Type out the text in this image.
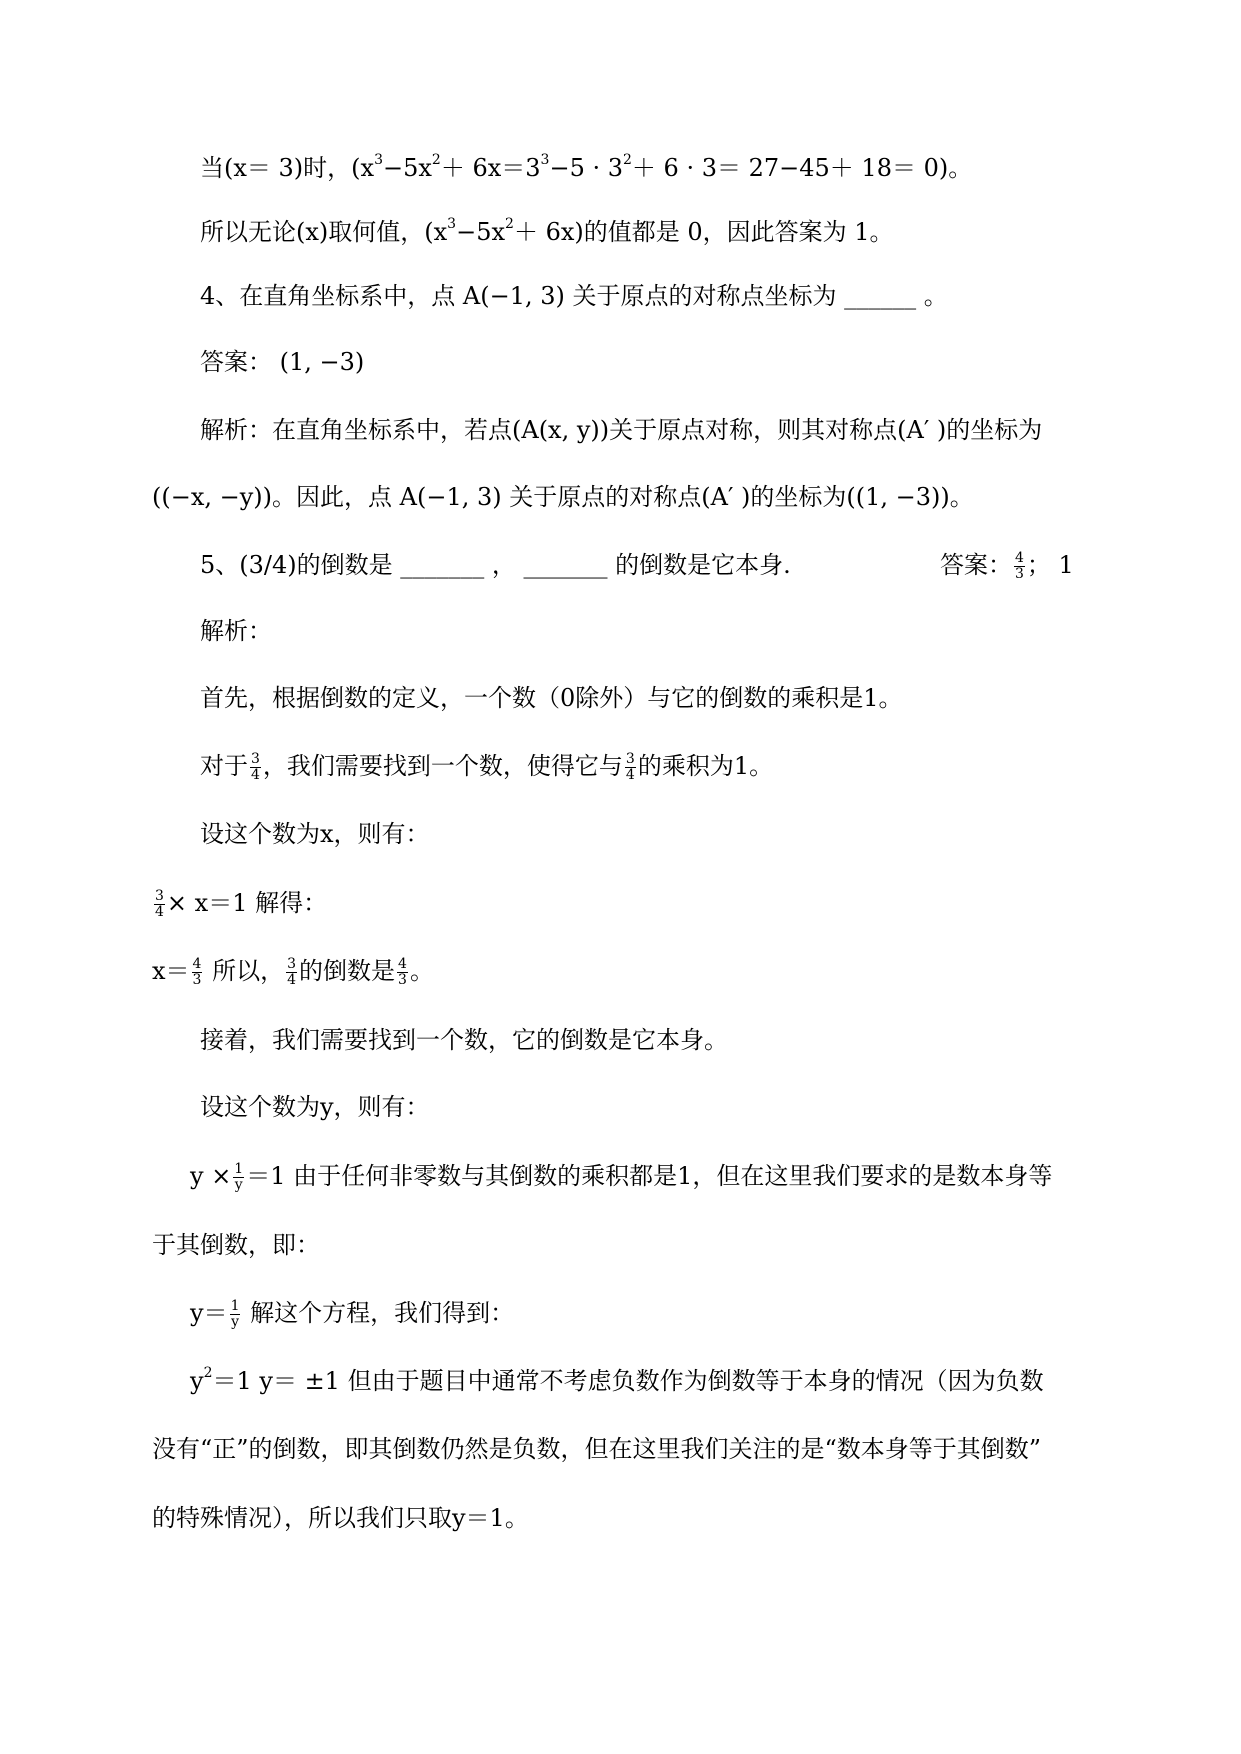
当(x＝ 3)时，$(x^3-5x^2+ 6x=3^3-5 \cdot 3^2+ 6 \cdot 3= 27-45+ 18= 0)$。
所以无论(x)取何值，$(x^3-5x^2+ 6x)$的值都是 0，因此答案为 1。
4、在直角坐标系中，点 A(−1, 3) 关于原点的对称点坐标为 ______ 。
答案： (1, −3)
解析：在直角坐标系中，若点(A(x, y))关于原点对称，则其对称点(A′ )的坐标为
((−x, −y))。因此，点 A(−1, 3) 关于原点的对称点(A′ )的坐标为((1, −3))。
5、(3/4)的倒数是 _______ ， _______ 的倒数是它本身.	答案： $\frac{4}{3}$ ； 1
解析：
首先，根据倒数的定义，一个数（0除外）与它的倒数的乘积是1。
对于 $\frac{3}{4}$ ，我们需要找到一个数，使得它与 $\frac{3}{4}$ 的乘积为1。
设这个数为x，则有：
$\frac{3}{4} \times x=1$ 解得：
$x= \frac{4}{3}$ 所以， $\frac{3}{4}$ 的倒数是 $\frac{4}{3}$ 。
接着，我们需要找到一个数，它的倒数是它本身。
设这个数为y，则有：
$y \times \frac{1}{y} =1$ 由于任何非零数与其倒数的乘积都是1，但在这里我们要求的是数本身等
于其倒数，即：
$y= \frac{1}{y}$ 解这个方程，我们得到：
$y^2=1$ y＝ ±1 但由于题目中通常不考虑负数作为倒数等于本身的情况（因为负数
没有“正”的倒数，即其倒数仍然是负数，但在这里我们关注的是“数本身等于其倒数”
的特殊情况），所以我们只取y＝1。
